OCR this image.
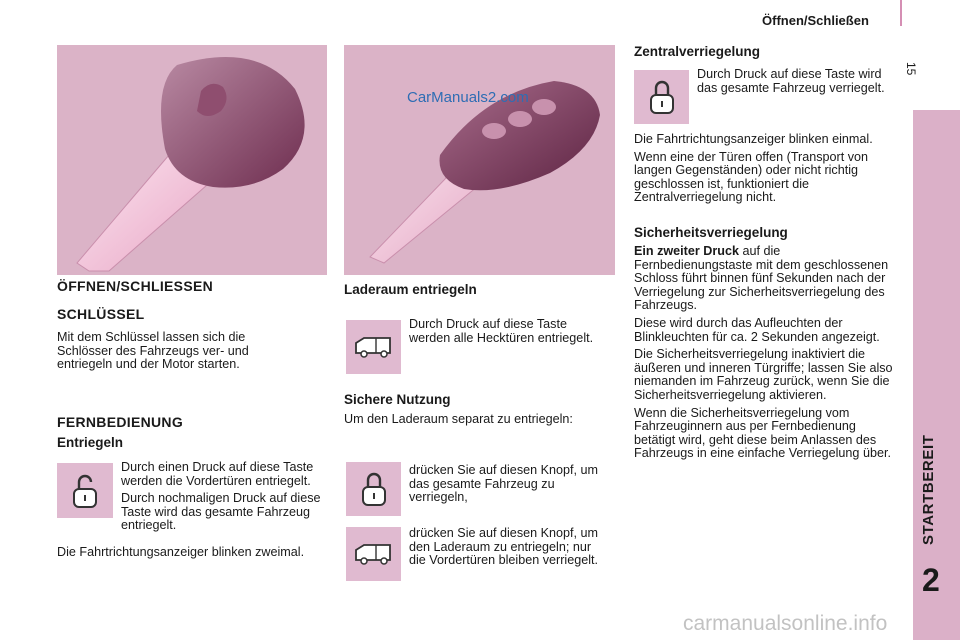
Öffnen/Schließen
15
STARTBEREIT
2
CarManuals2.com
ÖFFNEN/SCHLIESSEN
SCHLÜSSEL
Mit dem Schlüssel lassen sich die Schlösser des Fahrzeugs ver- und entriegeln und der Motor starten.
FERNBEDIENUNG
Entriegeln

Durch einen Druck auf diese Taste werden die Vordertüren entriegelt.

Durch nochmaligen Druck auf diese Taste wird das gesamte Fahrzeug entriegelt.

Die Fahrtrichtungsanzeiger blinken zweimal.
Laderaum entriegeln
Durch Druck auf diese Taste werden alle Hecktüren entriegelt.
Sichere Nutzung
Um den Laderaum separat zu entriegeln:
drücken Sie auf diesen Knopf, um das gesamte Fahrzeug zu verriegeln,
drücken Sie auf diesen Knopf, um den Laderaum zu entriegeln; nur die Vordertüren bleiben verriegelt.
Zentralverriegelung
Durch Druck auf diese Taste wird das gesamte Fahrzeug verriegelt.

Die Fahrtrichtungsanzeiger blinken einmal.

Wenn eine der Türen offen (Transport von langen Gegenständen) oder nicht richtig geschlossen ist, funktioniert die Zentralverriegelung nicht.

Sicherheitsverriegelung

Ein zweiter Druck auf die Fernbedienungstaste mit dem geschlossenen Schloss führt binnen fünf Sekunden nach der Verriegelung zur Sicherheitsverriegelung des Fahrzeugs.

Diese wird durch das Aufleuchten der Blinkleuchten für ca. 2 Sekunden angezeigt.

Die Sicherheitsverriegelung inaktiviert die äußeren und inneren Türgriffe; lassen Sie also niemanden im Fahrzeug zurück, wenn Sie die Sicherheitsverriegelung aktivieren.

Wenn die Sicherheitsverriegelung vom Fahrzeuginnern aus per Fernbedienung betätigt wird, geht diese beim Anlassen des Fahrzeugs in eine einfache Verriegelung über.

carmanualsonline.info
